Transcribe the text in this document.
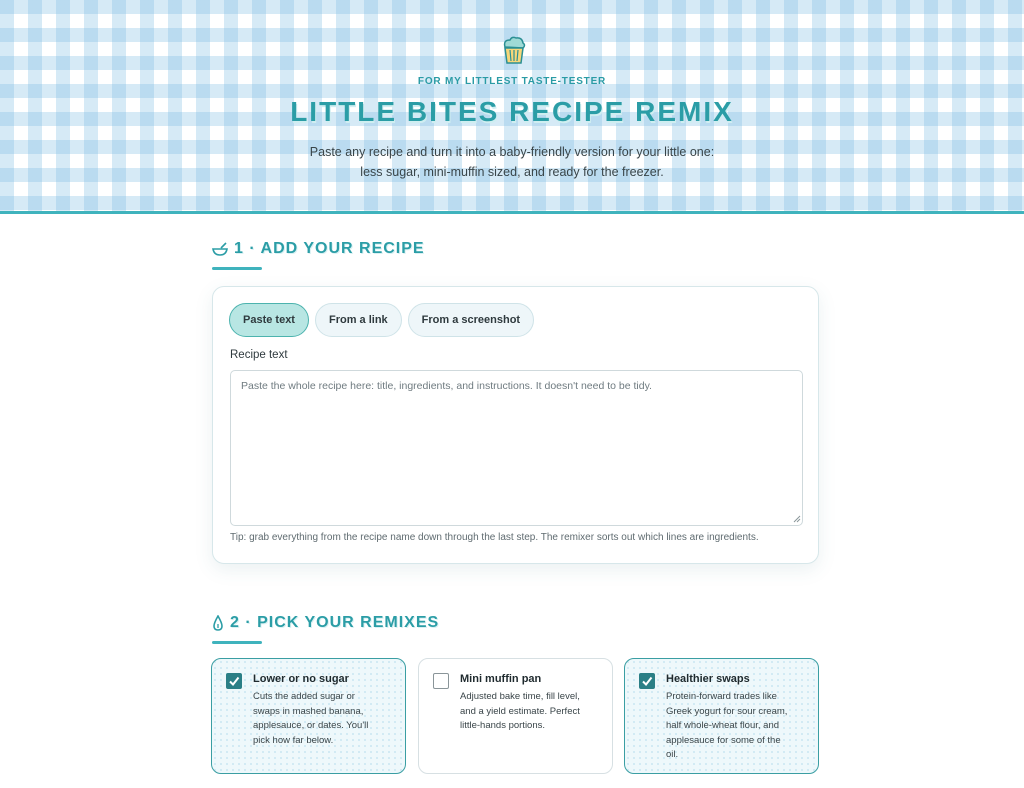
FOR MY LITTLEST TASTE-TESTER
LITTLE BITES RECIPE REMIX
Paste any recipe and turn it into a baby-friendly version for your little one:
less sugar, mini-muffin sized, and ready for the freezer.
1 · ADD YOUR RECIPE
Paste text	From a link	From a screenshot
Recipe text
Paste the whole recipe here: title, ingredients, and instructions. It doesn't need to be tidy.
Tip: grab everything from the recipe name down through the last step. The remixer sorts out which lines are ingredients.
2 · PICK YOUR REMIXES
Lower or no sugar
Cuts the added sugar or
swaps in mashed banana,
applesauce, or dates. You'll
pick how far below.
Mini muffin pan
Adjusted bake time, fill level,
and a yield estimate. Perfect
little-hands portions.
Healthier swaps
Protein-forward trades like
Greek yogurt for sour cream,
half whole-wheat flour, and
applesauce for some of the
oil.
